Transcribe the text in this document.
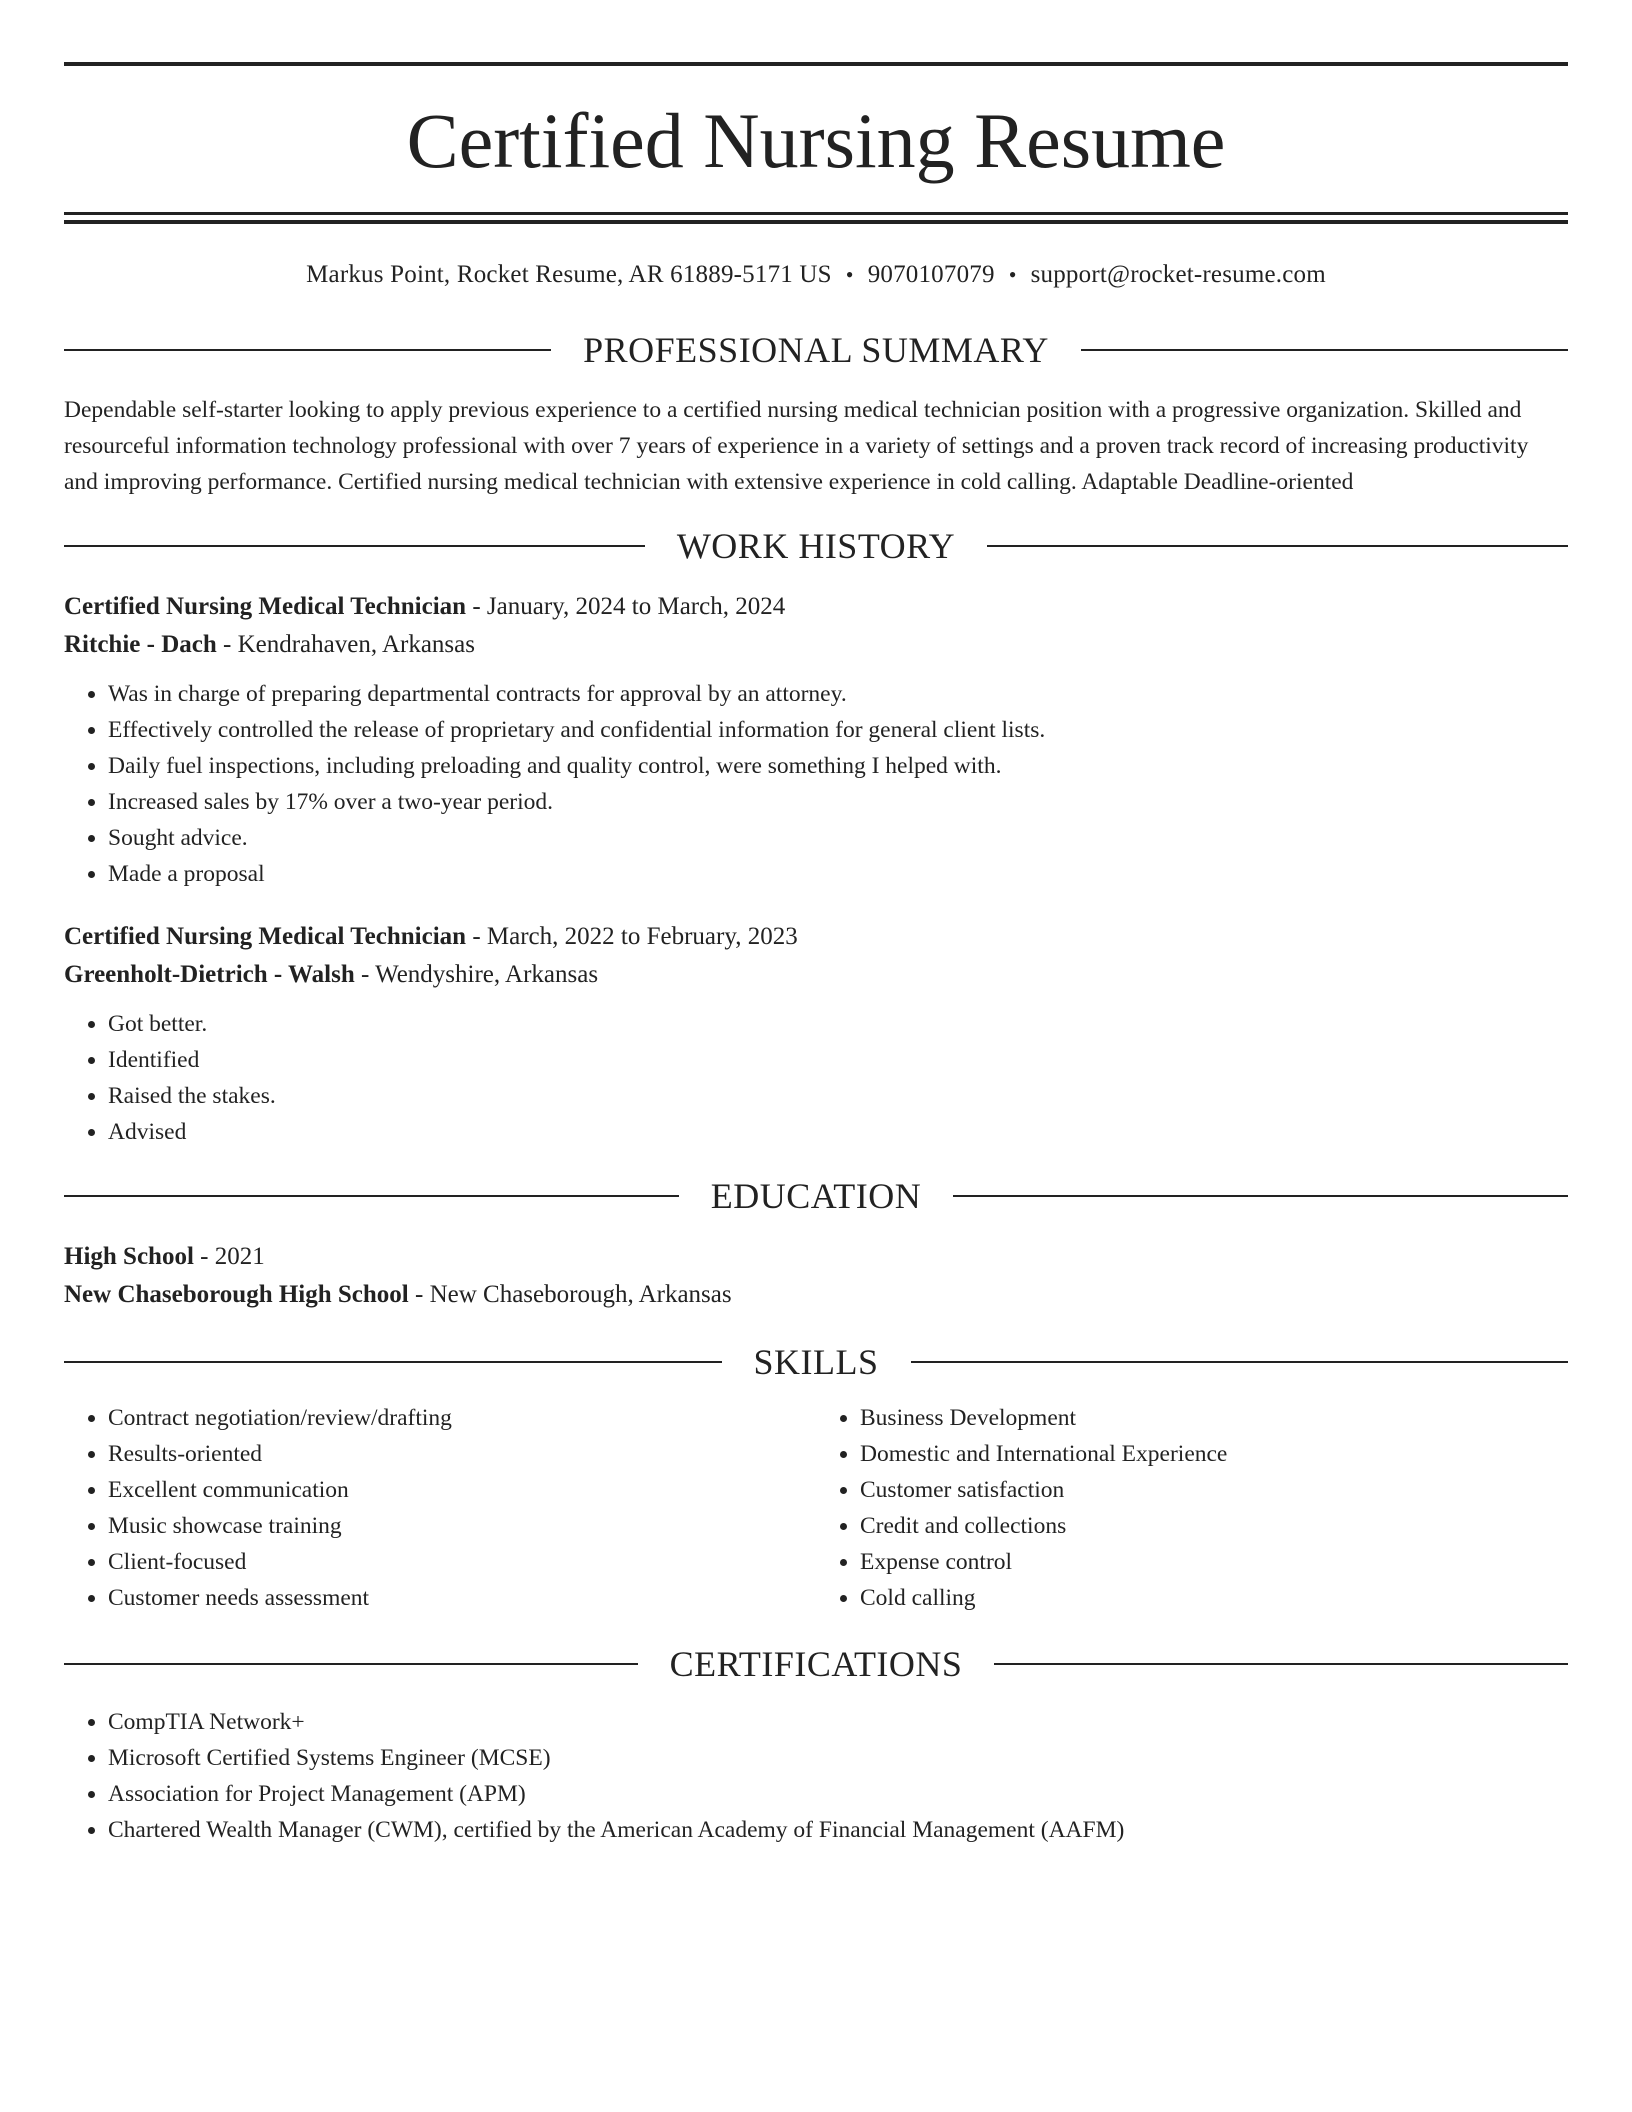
Certified Nursing Resume
Markus Point, Rocket Resume, AR 61889-5171 US • 9070107079 • support@rocket-resume.com
PROFESSIONAL SUMMARY
Dependable self-starter looking to apply previous experience to a certified nursing medical technician position with a progressive organization. Skilled and resourceful information technology professional with over 7 years of experience in a variety of settings and a proven track record of increasing productivity and improving performance. Certified nursing medical technician with extensive experience in cold calling. Adaptable Deadline-oriented
WORK HISTORY
Certified Nursing Medical Technician - January, 2024 to March, 2024
Ritchie - Dach - Kendrahaven, Arkansas
• Was in charge of preparing departmental contracts for approval by an attorney.
• Effectively controlled the release of proprietary and confidential information for general client lists.
• Daily fuel inspections, including preloading and quality control, were something I helped with.
• Increased sales by 17% over a two-year period.
• Sought advice.
• Made a proposal
Certified Nursing Medical Technician - March, 2022 to February, 2023
Greenholt-Dietrich - Walsh - Wendyshire, Arkansas
• Got better.
• Identified
• Raised the stakes.
• Advised
EDUCATION
High School - 2021
New Chaseborough High School - New Chaseborough, Arkansas
SKILLS
• Contract negotiation/review/drafting
• Results-oriented
• Excellent communication
• Music showcase training
• Client-focused
• Customer needs assessment
• Business Development
• Domestic and International Experience
• Customer satisfaction
• Credit and collections
• Expense control
• Cold calling
CERTIFICATIONS
• CompTIA Network+
• Microsoft Certified Systems Engineer (MCSE)
• Association for Project Management (APM)
• Chartered Wealth Manager (CWM), certified by the American Academy of Financial Management (AAFM)
